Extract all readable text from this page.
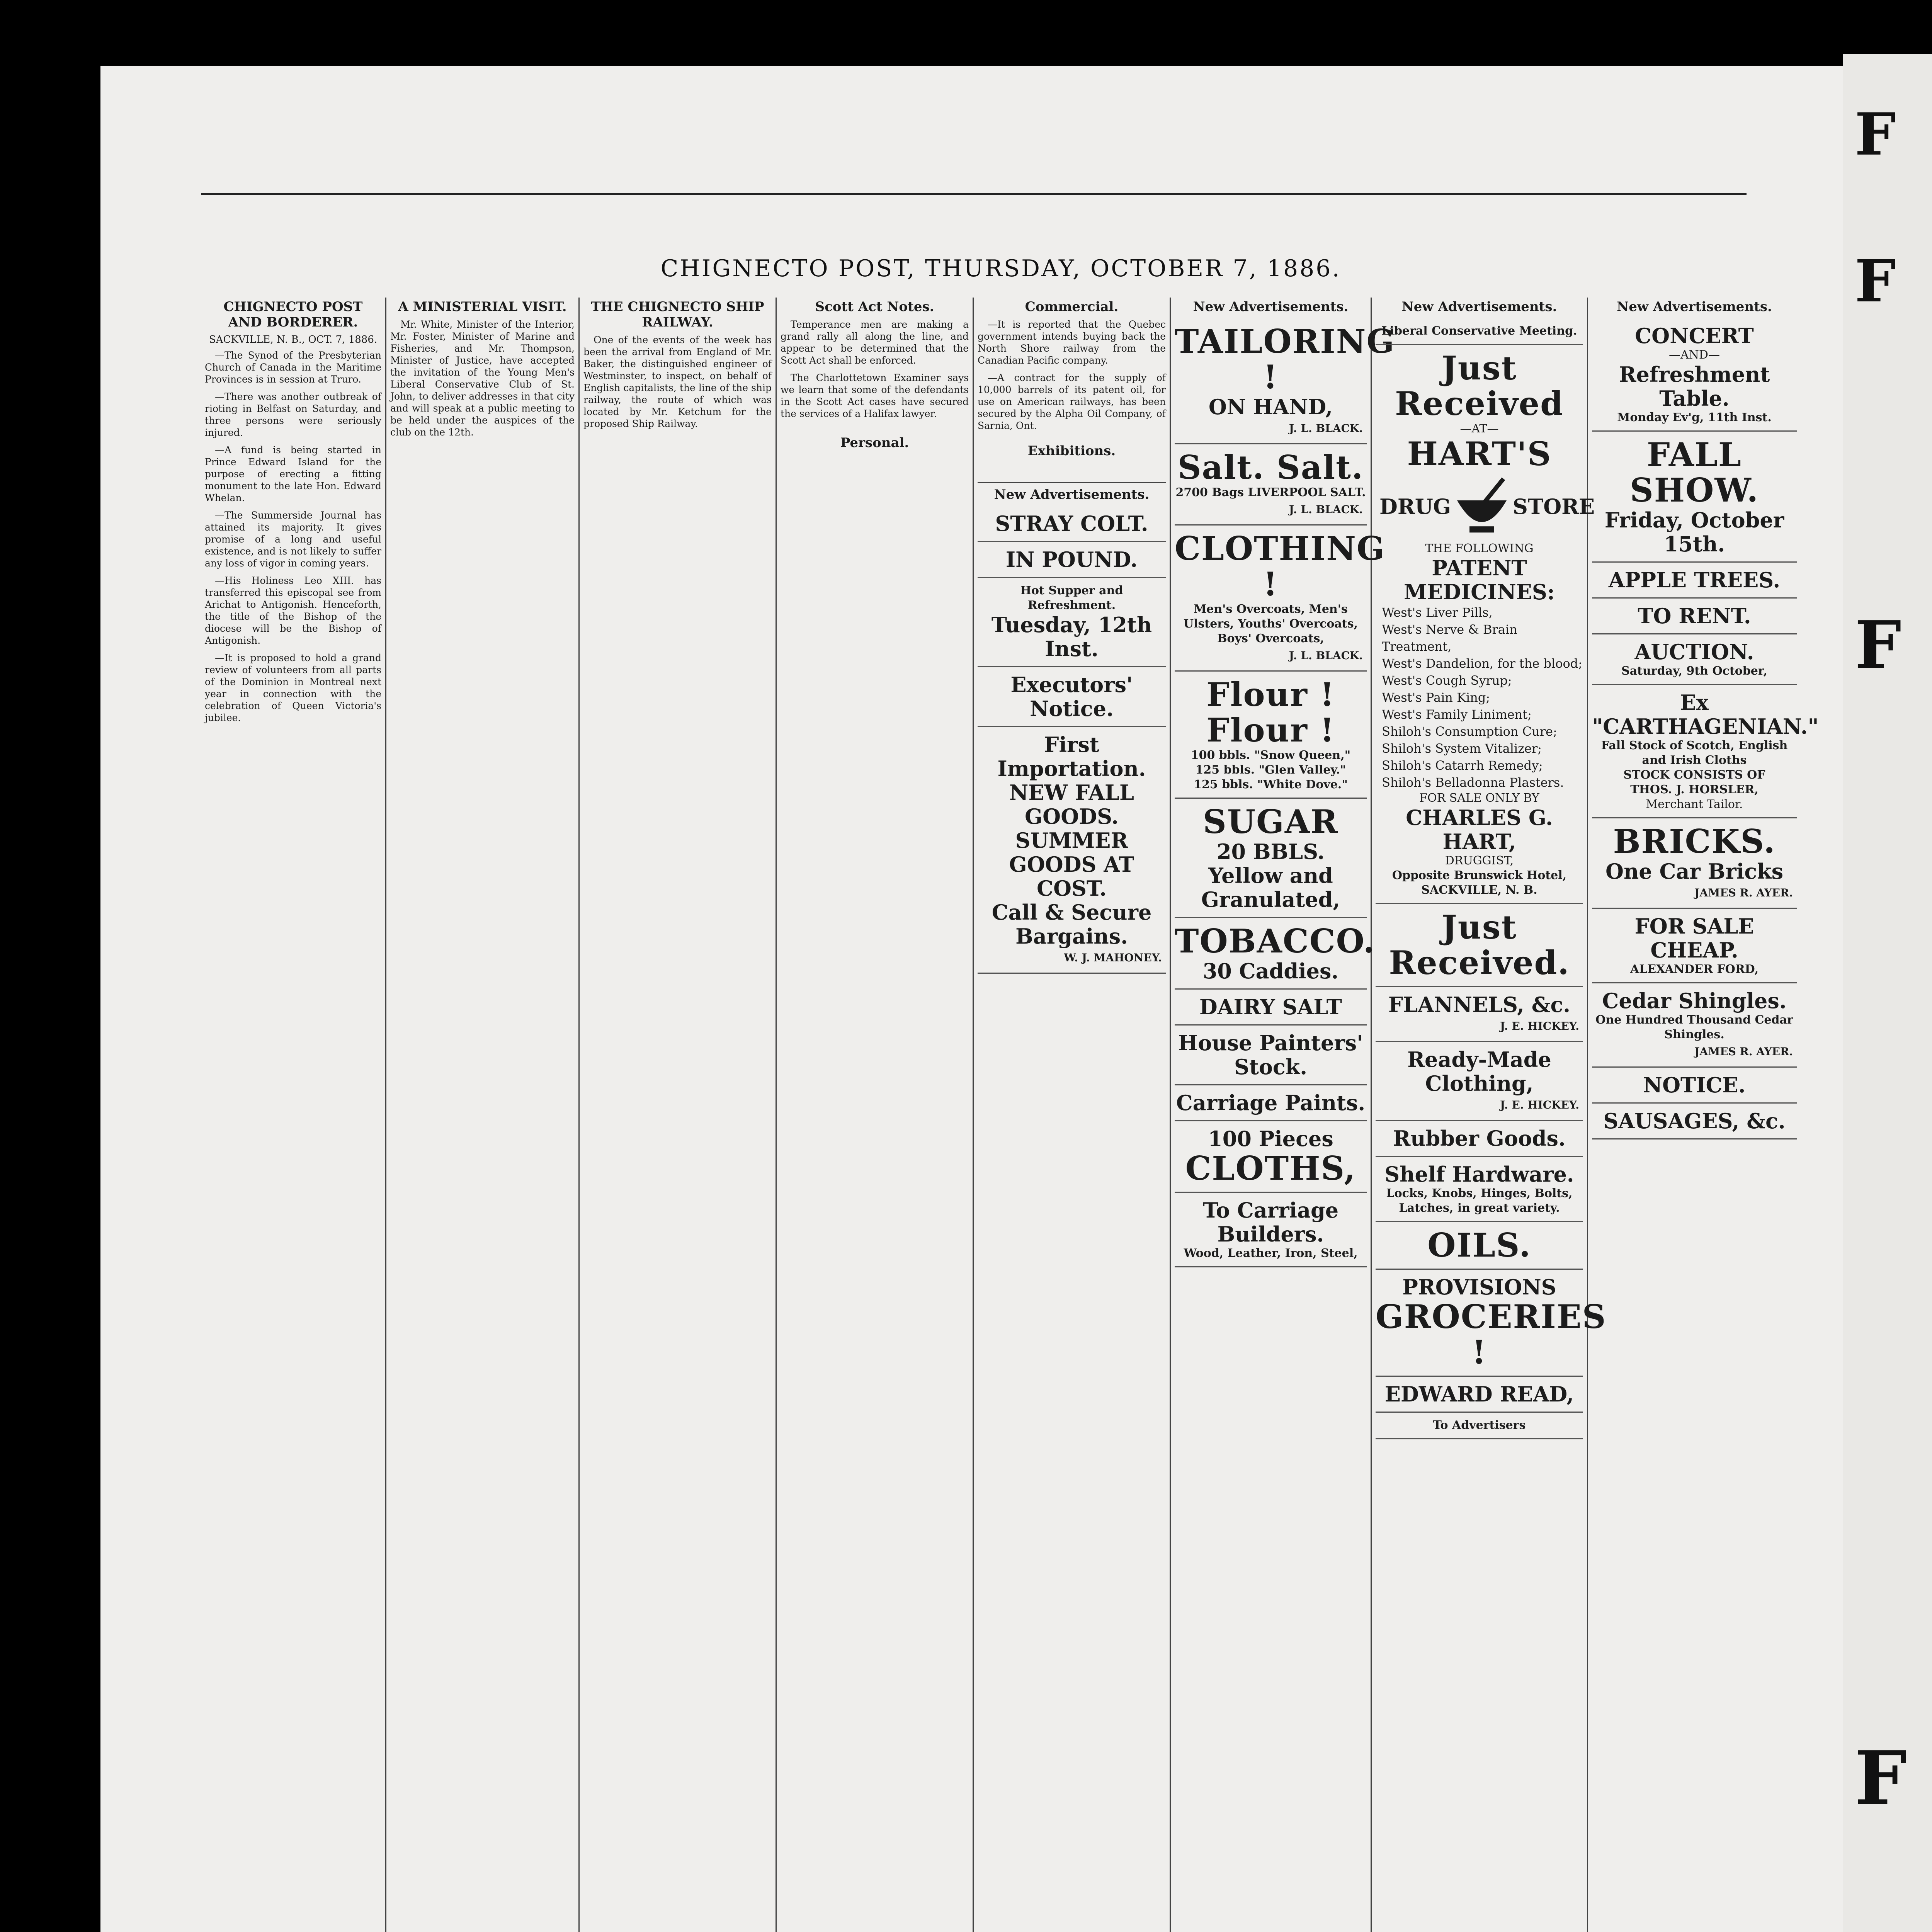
CHIGNECTO POST, THURSDAY, OCTOBER 7, 1886.
CHIGNECTO POST AND BORDERER.
SACKVILLE, N. B., OCT. 7, 1886.

—The Synod of the Presbyterian Church of Canada in the Maritime Provinces is in session at Truro.

—There was another outbreak of rioting in Belfast on Saturday, and three persons were seriously injured.

—A fund is being started in Prince Edward Island for the purpose of erecting a fitting monument to the late Hon. Edward Whelan.

—The Summerside Journal has attained its majority. It gives promise of a long and useful existence, and is not likely to suffer any loss of vigor in coming years.

—His Holiness Leo XIII. has transferred this episcopal see from Arichat to Antigonish. Henceforth, the title of the Bishop of the diocese will be the Bishop of Antigonish.

—It is proposed to hold a grand review of volunteers from all parts of the Dominion in Montreal next year in connection with the celebration of Queen Victoria's jubilee.

A MINISTERIAL VISIT.

Mr. White, Minister of the Interior, Mr. Foster, Minister of Marine and Fisheries, and Mr. Thompson, Minister of Justice, have accepted the invitation of the Young Men's Liberal Conservative Club of St. John, to deliver addresses in that city and will speak at a public meeting to be held under the auspices of the club on the 12th.

THE CHIGNECTO SHIP RAILWAY.

One of the events of the week has been the arrival from England of Mr. Baker, the distinguished engineer of Westminster, to inspect, on behalf of English capitalists, the line of the ship railway, the route of which was located by Mr. Ketchum for the proposed Ship Railway.

Scott Act Notes.

Temperance men are making a grand rally all along the line, and appear to be determined that the Scott Act shall be enforced.

The Charlottetown Examiner says we learn that some of the defendants in the Scott Act cases have secured the services of a Halifax lawyer.

Personal.
Commercial.

—It is reported that the Quebec government intends buying back the North Shore railway from the Canadian Pacific company.

—A contract for the supply of 10,000 barrels of its patent oil, for use on American railways, has been secured by the Alpha Oil Company, of Sarnia, Ont.

Exhibitions.
New Advertisements.
STRAY COLT.
IN POUND.
Hot Supper and Refreshment.
Tuesday, 12th Inst.
Executors' Notice.
First Importation.
NEW FALL GOODS.
SUMMER GOODS AT COST.
Call & Secure Bargains.
W. J. MAHONEY.
New Advertisements.
TAILORING !
ON HAND,
J. L. BLACK.
Salt. Salt.
2700 Bags LIVERPOOL SALT.
J. L. BLACK.
CLOTHING !
Men's Overcoats, Men's Ulsters, Youths' Overcoats, Boys' Overcoats,
J. L. BLACK.
Flour ! Flour !
100 bbls. "Snow Queen,"
125 bbls. "Glen Valley."
125 bbls. "White Dove."
SUGAR
20 BBLS.
Yellow and Granulated,
TOBACCO.
30 Caddies.
DAIRY SALT
House Painters' Stock.
Carriage Paints.
100 Pieces
CLOTHS,
To Carriage Builders.
Wood, Leather, Iron, Steel,
New Advertisements.
Liberal Conservative Meeting.
Just Received
—AT—
HART'S
DRUG	STORE
THE FOLLOWING
PATENT MEDICINES:
West's Liver Pills,
West's Nerve & Brain Treatment,
West's Dandelion, for the blood;
West's Cough Syrup;
West's Pain King;
West's Family Liniment;
Shiloh's Consumption Cure;
Shiloh's System Vitalizer;
Shiloh's Catarrh Remedy;
Shiloh's Belladonna Plasters.
FOR SALE ONLY BY
CHARLES G. HART,
DRUGGIST,
Opposite Brunswick Hotel,
SACKVILLE, N. B.
Just Received.
FLANNELS, &c.
J. E. HICKEY.
Ready-Made Clothing,
J. E. HICKEY.
Rubber Goods.
Shelf Hardware.
Locks, Knobs, Hinges, Bolts, Latches, in great variety.
OILS.
PROVISIONS
GROCERIES !
EDWARD READ,
To Advertisers
New Advertisements.
CONCERT
—AND—
Refreshment Table.
Monday Ev'g, 11th Inst.
FALL SHOW.
Friday, October 15th.
APPLE TREES.
TO RENT.
AUCTION.
Saturday, 9th October,
Ex "CARTHAGENIAN."
Fall Stock of Scotch, English and Irish Cloths
STOCK CONSISTS OF
THOS. J. HORSLER,
Merchant Tailor.
BRICKS.
One Car Bricks
JAMES R. AYER.
FOR SALE CHEAP.
ALEXANDER FORD,
Cedar Shingles.
One Hundred Thousand Cedar Shingles.
JAMES R. AYER.
NOTICE.
SAUSAGES, &c.
F
F
F
F
